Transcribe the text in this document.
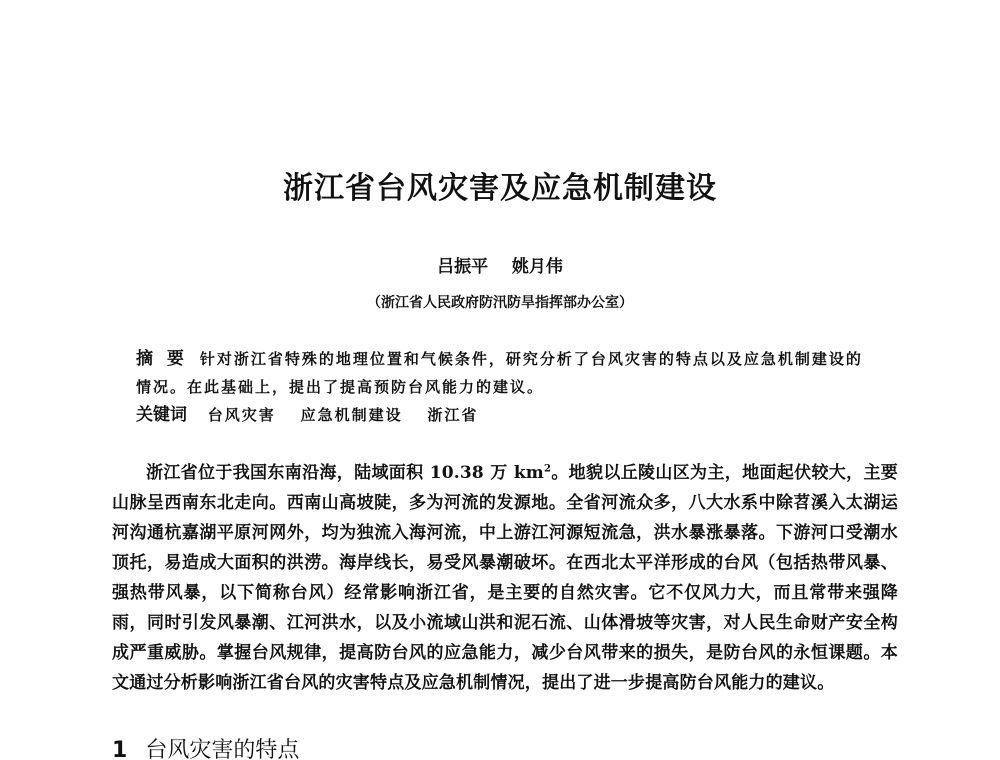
浙江省台风灾害及应急机制建设
吕振平 姚月伟
（浙江省人民政府防汛防旱指挥部办公室）
摘 要 针对浙江省特殊的地理位置和气候条件，研究分析了台风灾害的特点以及应急机制建设的情况。在此基础上，提出了提高预防台风能力的建议。
关键词 台风灾害 应急机制建设 浙江省
浙江省位于我国东南沿海，陆域面积 10.38 万 $km^2$。地貌以丘陵山区为主，地面起伏较大，主要山脉呈西南东北走向。西南山高坡陡，多为河流的发源地。全省河流众多，八大水系中除苕溪入太湖运河沟通杭嘉湖平原河网外，均为独流入海河流，中上游江河源短流急，洪水暴涨暴落。下游河口受潮水顶托，易造成大面积的洪涝。海岸线长，易受风暴潮破坏。在西北太平洋形成的台风（包括热带风暴、强热带风暴，以下简称台风）经常影响浙江省，是主要的自然灾害。它不仅风力大，而且常带来强降雨，同时引发风暴潮、江河洪水，以及小流域山洪和泥石流、山体滑坡等灾害，对人民生命财产安全构成严重威胁。掌握台风规律，提高防台风的应急能力，减少台风带来的损失，是防台风的永恒课题。本文通过分析影响浙江省台风的灾害特点及应急机制情况，提出了进一步提高防台风能力的建议。
1 台风灾害的特点
